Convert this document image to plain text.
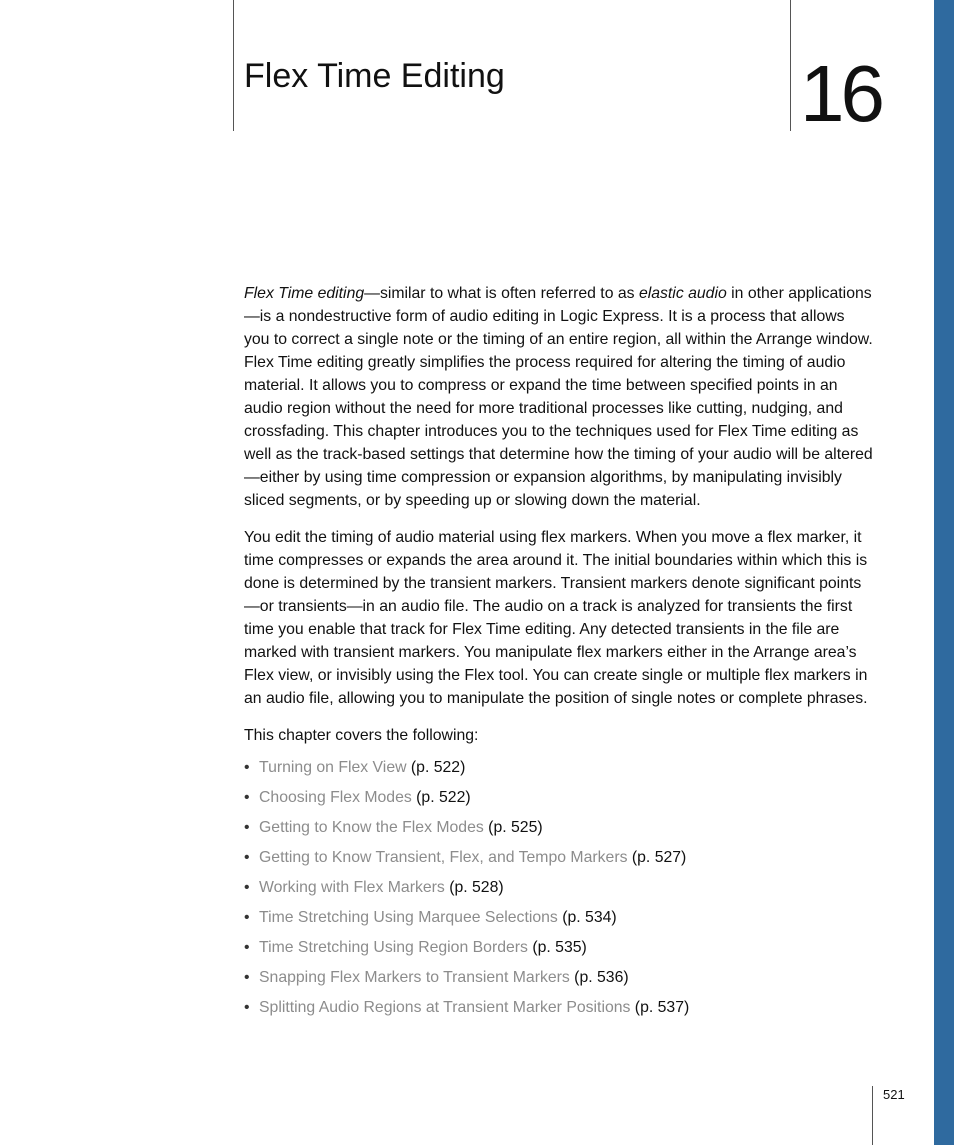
Flex Time Editing	16

Flex Time editing—similar to what is often referred to as elastic audio in other applications—is a nondestructive form of audio editing in Logic Express. It is a process that allows you to correct a single note or the timing of an entire region, all within the Arrange window. Flex Time editing greatly simplifies the process required for altering the timing of audio material. It allows you to compress or expand the time between specified points in an audio region without the need for more traditional processes like cutting, nudging, and crossfading. This chapter introduces you to the techniques used for Flex Time editing as well as the track-based settings that determine how the timing of your audio will be altered—either by using time compression or expansion algorithms, by manipulating invisibly sliced segments, or by speeding up or slowing down the material.

You edit the timing of audio material using flex markers. When you move a flex marker, it time compresses or expands the area around it. The initial boundaries within which this is done is determined by the transient markers. Transient markers denote significant points—or transients—in an audio file. The audio on a track is analyzed for transients the first time you enable that track for Flex Time editing. Any detected transients in the file are marked with transient markers. You manipulate flex markers either in the Arrange area’s Flex view, or invisibly using the Flex tool. You can create single or multiple flex markers in an audio file, allowing you to manipulate the position of single notes or complete phrases.

This chapter covers the following:

• Turning on Flex View (p. 522)
• Choosing Flex Modes (p. 522)
• Getting to Know the Flex Modes (p. 525)
• Getting to Know Transient, Flex, and Tempo Markers (p. 527)
• Working with Flex Markers (p. 528)
• Time Stretching Using Marquee Selections (p. 534)
• Time Stretching Using Region Borders (p. 535)
• Snapping Flex Markers to Transient Markers (p. 536)
• Splitting Audio Regions at Transient Marker Positions (p. 537)
521
